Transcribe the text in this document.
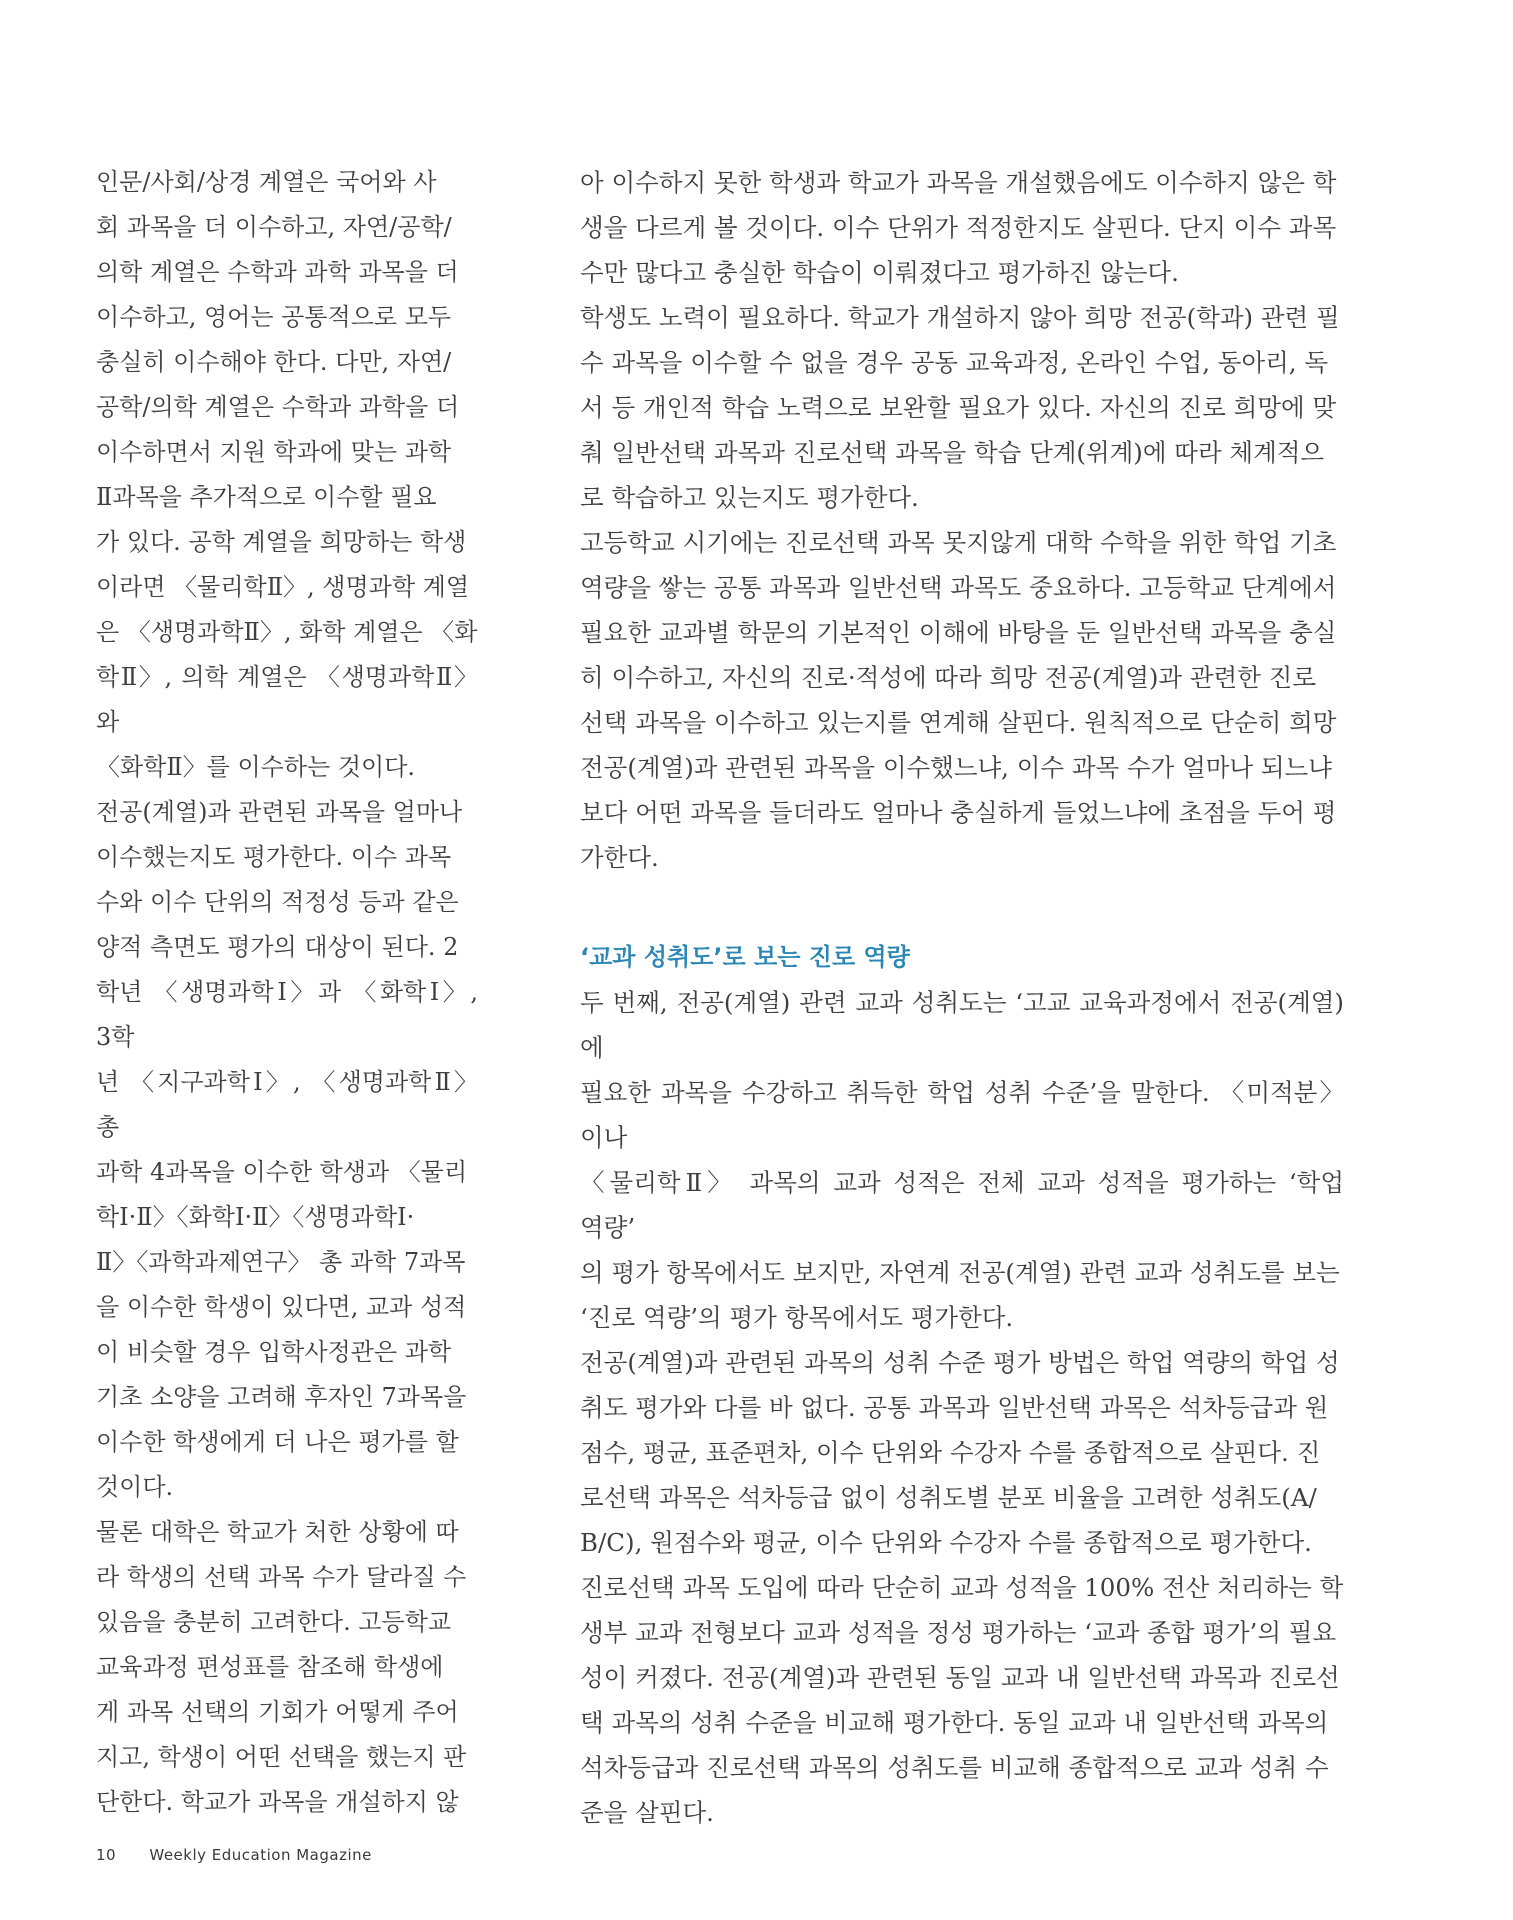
인문/사회/상경 계열은 국어와 사
회 과목을 더 이수하고, 자연/공학/
의학 계열은 수학과 과학 과목을 더
이수하고, 영어는 공통적으로 모두
충실히 이수해야 한다. 다만, 자연/
공학/의학 계열은 수학과 과학을 더
이수하면서 지원 학과에 맞는 과학
Ⅱ과목을 추가적으로 이수할 필요
가 있다. 공학 계열을 희망하는 학생
이라면 〈물리학Ⅱ〉, 생명과학 계열
은 〈생명과학Ⅱ〉, 화학 계열은 〈화
학Ⅱ〉, 의학 계열은 〈생명과학Ⅱ〉와
〈화학Ⅱ〉를 이수하는 것이다.

전공(계열)과 관련된 과목을 얼마나
이수했는지도 평가한다. 이수 과목
수와 이수 단위의 적정성 등과 같은
양적 측면도 평가의 대상이 된다. 2
학년 〈생명과학Ⅰ〉과 〈화학Ⅰ〉, 3학
년 〈지구과학Ⅰ〉, 〈생명과학Ⅱ〉 총
과학 4과목을 이수한 학생과 〈물리
학Ⅰ·Ⅱ〉〈화학Ⅰ·Ⅱ〉〈생명과학Ⅰ·
Ⅱ〉〈과학과제연구〉 총 과학 7과목
을 이수한 학생이 있다면, 교과 성적
이 비슷할 경우 입학사정관은 과학
기초 소양을 고려해 후자인 7과목을
이수한 학생에게 더 나은 평가를 할
것이다.

물론 대학은 학교가 처한 상황에 따
라 학생의 선택 과목 수가 달라질 수
있음을 충분히 고려한다. 고등학교
교육과정 편성표를 참조해 학생에
게 과목 선택의 기회가 어떻게 주어
지고, 학생이 어떤 선택을 했는지 판
단한다. 학교가 과목을 개설하지 않

아 이수하지 못한 학생과 학교가 과목을 개설했음에도 이수하지 않은 학
생을 다르게 볼 것이다. 이수 단위가 적정한지도 살핀다. 단지 이수 과목
수만 많다고 충실한 학습이 이뤄졌다고 평가하진 않는다.

학생도 노력이 필요하다. 학교가 개설하지 않아 희망 전공(학과) 관련 필
수 과목을 이수할 수 없을 경우 공동 교육과정, 온라인 수업, 동아리, 독
서 등 개인적 학습 노력으로 보완할 필요가 있다. 자신의 진로 희망에 맞
춰 일반선택 과목과 진로선택 과목을 학습 단계(위계)에 따라 체계적으
로 학습하고 있는지도 평가한다.

고등학교 시기에는 진로선택 과목 못지않게 대학 수학을 위한 학업 기초
역량을 쌓는 공통 과목과 일반선택 과목도 중요하다. 고등학교 단계에서
필요한 교과별 학문의 기본적인 이해에 바탕을 둔 일반선택 과목을 충실
히 이수하고, 자신의 진로·적성에 따라 희망 전공(계열)과 관련한 진로
선택 과목을 이수하고 있는지를 연계해 살핀다. 원칙적으로 단순히 희망
전공(계열)과 관련된 과목을 이수했느냐, 이수 과목 수가 얼마나 되느냐
보다 어떤 과목을 들더라도 얼마나 충실하게 들었느냐에 초점을 두어 평
가한다.

‘교과 성취도’로 보는 진로 역량

두 번째, 전공(계열) 관련 교과 성취도는 ‘고교 교육과정에서 전공(계열)에
필요한 과목을 수강하고 취득한 학업 성취 수준’을 말한다. 〈미적분〉이나
〈물리학Ⅱ〉 과목의 교과 성적은 전체 교과 성적을 평가하는 ‘학업 역량’
의 평가 항목에서도 보지만, 자연계 전공(계열) 관련 교과 성취도를 보는
‘진로 역량’의 평가 항목에서도 평가한다.

전공(계열)과 관련된 과목의 성취 수준 평가 방법은 학업 역량의 학업 성
취도 평가와 다를 바 없다. 공통 과목과 일반선택 과목은 석차등급과 원
점수, 평균, 표준편차, 이수 단위와 수강자 수를 종합적으로 살핀다. 진
로선택 과목은 석차등급 없이 성취도별 분포 비율을 고려한 성취도(A/
B/C), 원점수와 평균, 이수 단위와 수강자 수를 종합적으로 평가한다.

진로선택 과목 도입에 따라 단순히 교과 성적을 100% 전산 처리하는 학
생부 교과 전형보다 교과 성적을 정성 평가하는 ‘교과 종합 평가’의 필요
성이 커졌다. 전공(계열)과 관련된 동일 교과 내 일반선택 과목과 진로선
택 과목의 성취 수준을 비교해 평가한다. 동일 교과 내 일반선택 과목의
석차등급과 진로선택 과목의 성취도를 비교해 종합적으로 교과 성취 수
준을 살핀다.

10 Weekly Education Magazine
